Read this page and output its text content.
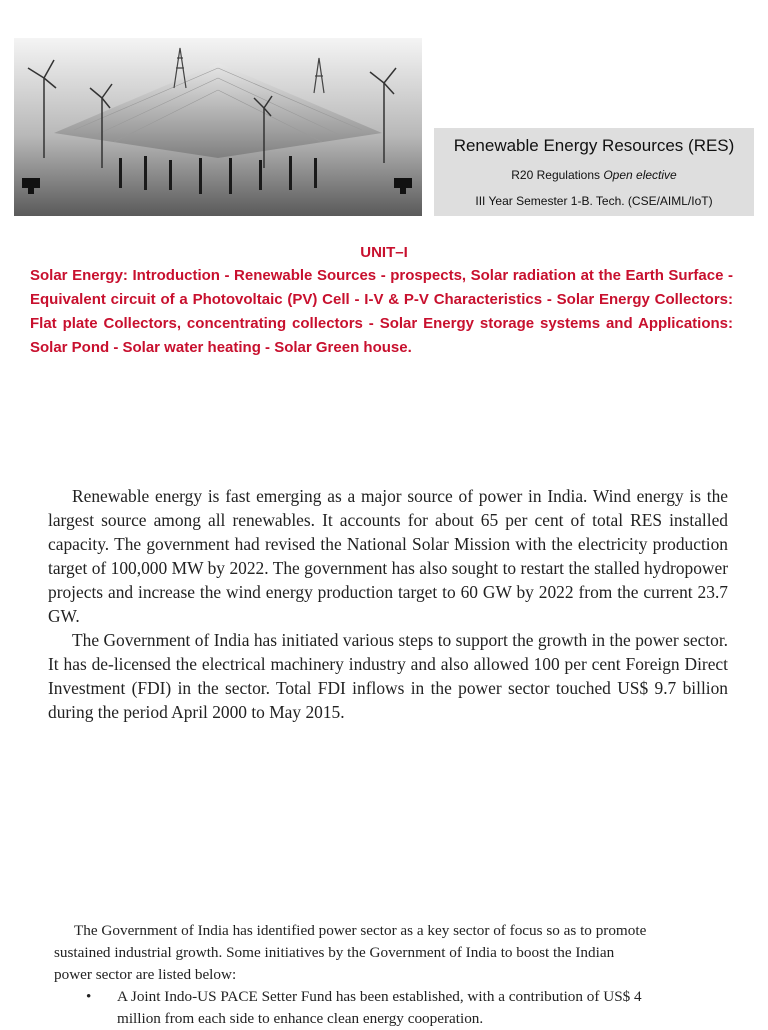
Renewable Energy Resources (RES)
R20 Regulations Open elective
III Year Semester 1-B. Tech. (CSE/AIML/IoT)
UNIT–I
Solar Energy: Introduction - Renewable Sources - prospects, Solar radiation at the Earth Surface - Equivalent circuit of a Photovoltaic (PV) Cell - I-V & P-V Characteristics - Solar Energy Collectors: Flat plate Collectors, concentrating collectors - Solar Energy storage systems and Applications: Solar Pond - Solar water heating - Solar Green house.

Renewable energy is fast emerging as a major source of power in India. Wind energy is the largest source among all renewables. It accounts for about 65 per cent of total RES installed capacity. The government had revised the National Solar Mission with the electricity production target of 100,000 MW by 2022. The government has also sought to restart the stalled hydropower projects and increase the wind energy production target to 60 GW by 2022 from the current 23.7 GW.

The Government of India has initiated various steps to support the growth in the power sector. It has de-licensed the electrical machinery industry and also allowed 100 per cent Foreign Direct Investment (FDI) in the sector. Total FDI inflows in the power sector touched US$ 9.7 billion during the period April 2000 to May 2015.

The Government of India has identified power sector as a key sector of focus so as to promote sustained industrial growth. Some initiatives by the Government of India to boost the Indian power sector are listed below:

• A Joint Indo-US PACE Setter Fund has been established, with a contribution of US$ 4 million from each side to enhance clean energy cooperation.
